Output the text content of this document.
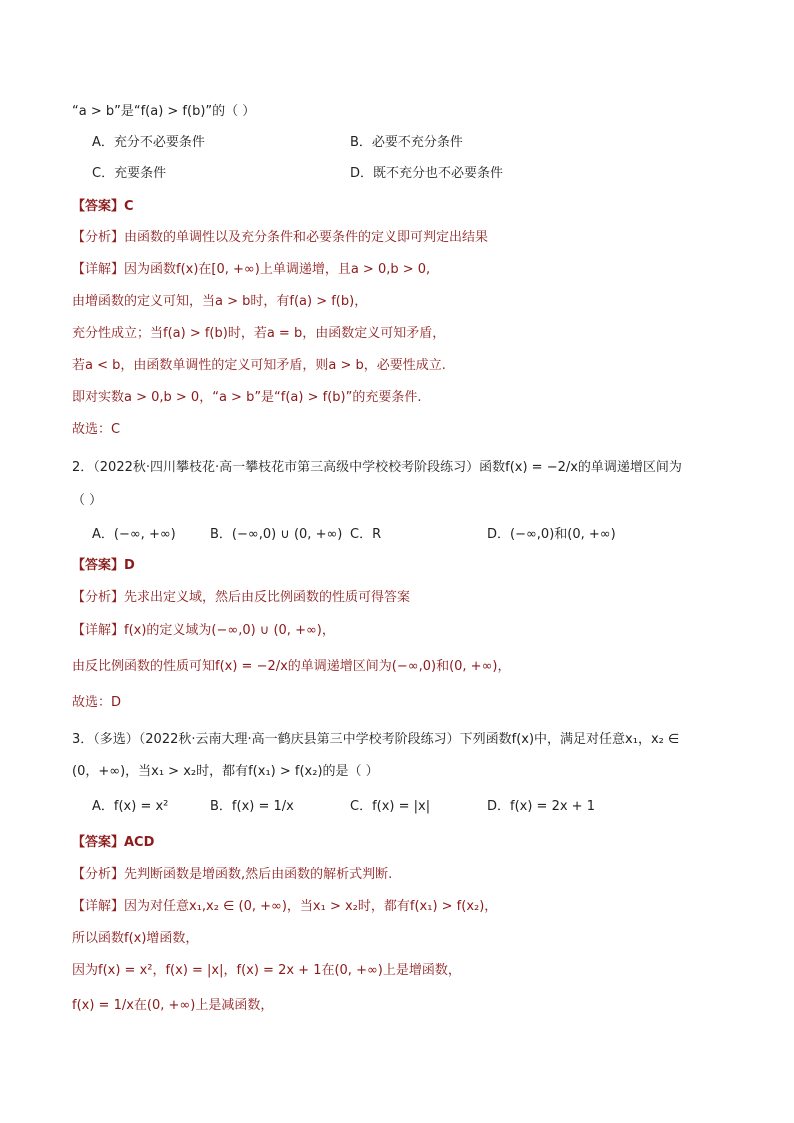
“a > b”是“f(a) > f(b)”的（ ）
A．充分不必要条件	B．必要不充分条件
C．充要条件	D．既不充分也不必要条件
【答案】C
【分析】由函数的单调性以及充分条件和必要条件的定义即可判定出结果
【详解】因为函数f(x)在[0, +∞)上单调递增，且a > 0,b > 0,
由增函数的定义可知，当a > b时，有f(a) > f(b)，
充分性成立；当f(a) > f(b)时，若a = b，由函数定义可知矛盾，
若a < b，由函数单调性的定义可知矛盾，则a > b，必要性成立.
即对实数a > 0,b > 0，“a > b”是“f(a) > f(b)”的充要条件.
故选：C
2．（2022秋·四川攀枝花·高一攀枝花市第三高级中学校校考阶段练习）函数f(x) = −2/x的单调递增区间为
（ ）
A．(−∞, +∞)	B．(−∞,0) ∪ (0, +∞) C．R	D．(−∞,0)和(0, +∞)
【答案】D
【分析】先求出定义域，然后由反比例函数的性质可得答案
【详解】f(x)的定义域为(−∞,0) ∪ (0, +∞)，
由反比例函数的性质可知f(x) = −2/x的单调递增区间为(−∞,0)和(0, +∞)，
故选：D
3．（多选）（2022秋·云南大理·高一鹤庆县第三中学校考阶段练习）下列函数f(x)中，满足对任意x₁，x₂ ∈
(0，+∞)，当x₁ > x₂时，都有f(x₁) > f(x₂)的是（ ）
A．f(x) = x²	B．f(x) = 1/x	C．f(x) = |x|	D．f(x) = 2x + 1
【答案】ACD
【分析】先判断函数是增函数,然后由函数的解析式判断.
【详解】因为对任意x₁,x₂ ∈ (0, +∞)，当x₁ > x₂时，都有f(x₁) > f(x₂)，
所以函数f(x)增函数，
因为f(x) = x²，f(x) = |x|，f(x) = 2x + 1在(0, +∞)上是增函数，
f(x) = 1/x在(0, +∞)上是减函数，
